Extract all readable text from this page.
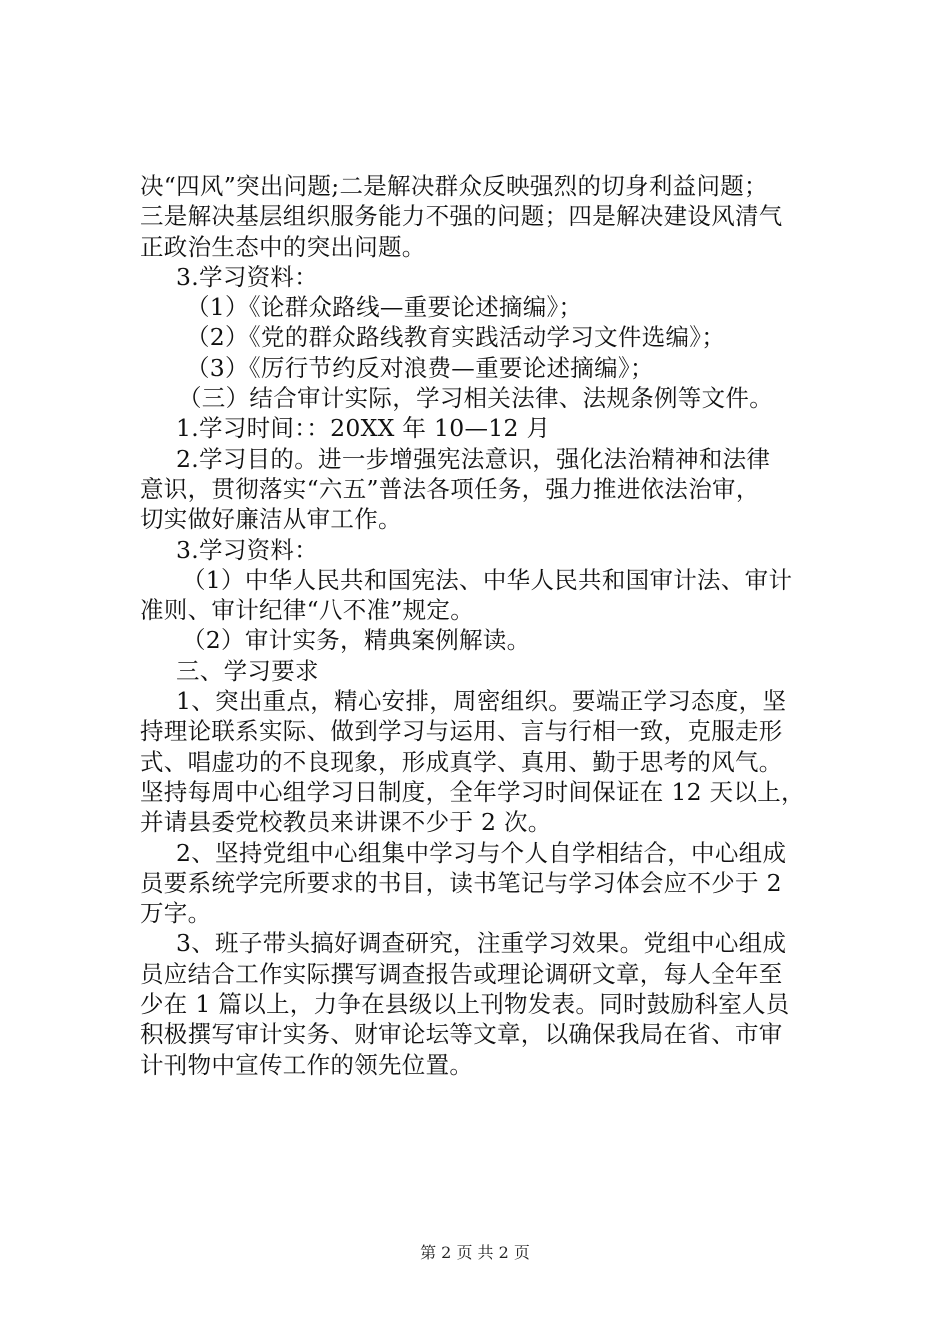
决“四风”突出问题;二是解决群众反映强烈的切身利益问题；
三是解决基层组织服务能力不强的问题；四是解决建设风清气
正政治生态中的突出问题。
3.学习资料：
（1）《论群众路线—重要论述摘编》；
（2）《党的群众路线教育实践活动学习文件选编》；
（3）《厉行节约反对浪费—重要论述摘编》；
（三）结合审计实际，学习相关法律、法规条例等文件。
1.学习时间：：20XX 年 10—12 月
2.学习目的。进一步增强宪法意识，强化法治精神和法律
意识，贯彻落实“六五”普法各项任务，强力推进依法治审，
切实做好廉洁从审工作。
3.学习资料：
（1）中华人民共和国宪法、中华人民共和国审计法、审计
准则、审计纪律“八不准”规定。
（2）审计实务，精典案例解读。
三、学习要求
1、突出重点，精心安排，周密组织。要端正学习态度，坚
持理论联系实际、做到学习与运用、言与行相一致，克服走形
式、唱虚功的不良现象，形成真学、真用、勤于思考的风气。
坚持每周中心组学习日制度，全年学习时间保证在 12 天以上，
并请县委党校教员来讲课不少于 2 次。
2、坚持党组中心组集中学习与个人自学相结合，中心组成
员要系统学完所要求的书目，读书笔记与学习体会应不少于 2
万字。
3、班子带头搞好调查研究，注重学习效果。党组中心组成
员应结合工作实际撰写调查报告或理论调研文章，每人全年至
少在 1 篇以上，力争在县级以上刊物发表。同时鼓励科室人员
积极撰写审计实务、财审论坛等文章，以确保我局在省、市审
计刊物中宣传工作的领先位置。
第 2 页 共 2 页
